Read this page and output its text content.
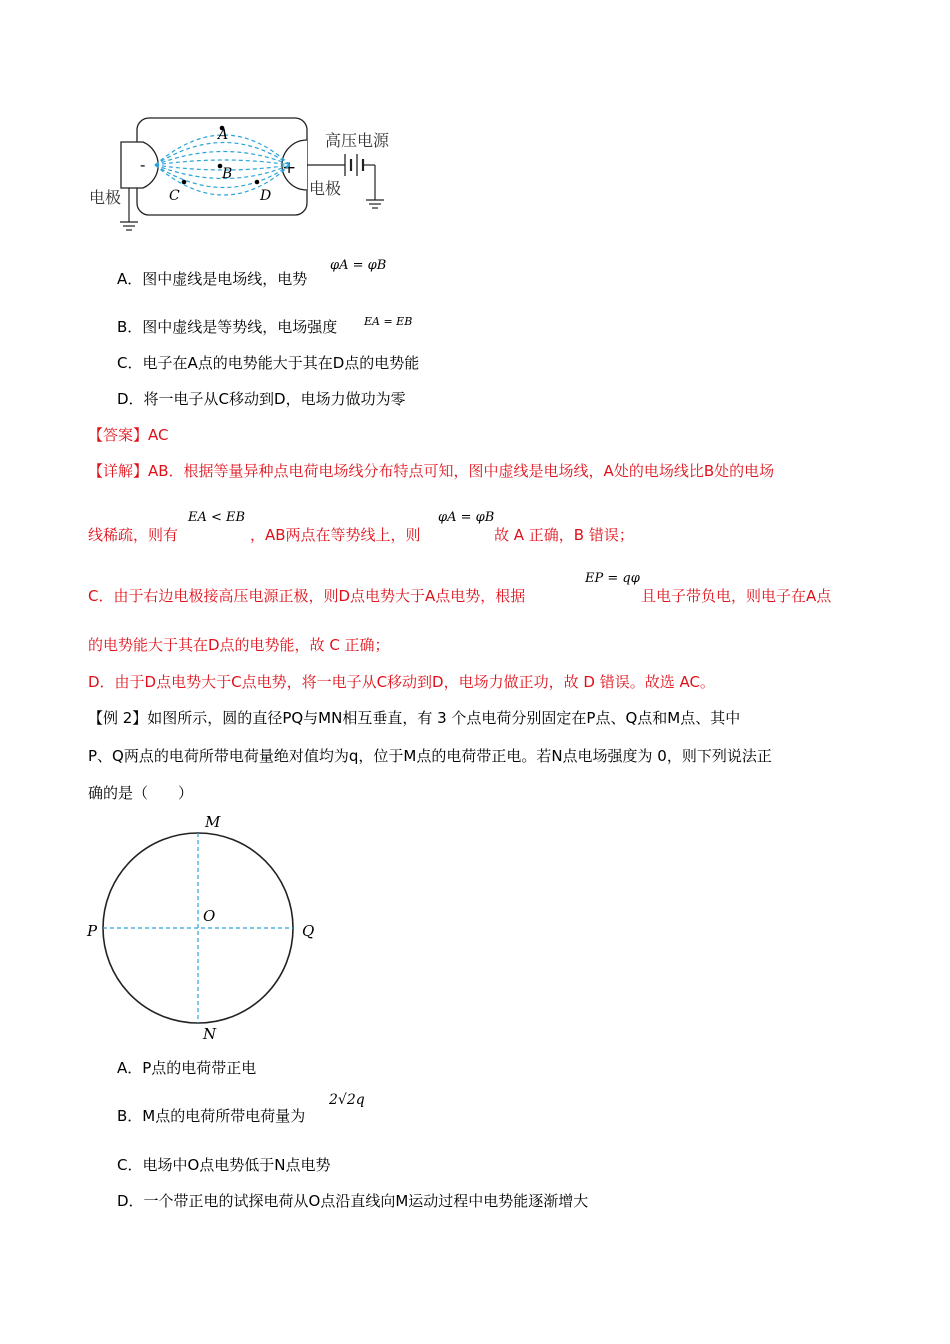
-	+
A
B
C	D
电极	电极
高压电源
A．图中虚线是电场线，电势
φA = φB
B．图中虚线是等势线，电场强度 EA = EB
C．电子在A点的电势能大于其在D点的电势能
D．将一电子从C移动到D，电场力做功为零
【答案】AC
【详解】AB．根据等量异种点电荷电场线分布特点可知，图中虚线是电场线，A处的电场线比B处的电场
线稀疏，则有
EA < EB
，AB两点在等势线上，则
φA = φB
故 A 正确，B 错误；
C．由于右边电极接高压电源正极，则D点电势大于A点电势，根据
EP = qφ
且电子带负电，则电子在A点
的电势能大于其在D点的电势能，故 C 正确；
D．由于D点电势大于C点电势，将一电子从C移动到D，电场力做正功，故 D 错误。故选 AC。
【例 2】如图所示，圆的直径PQ与MN相互垂直，有 3 个点电荷分别固定在P点、Q点和M点、其中
P、Q两点的电荷所带电荷量绝对值均为q，位于M点的电荷带正电。若N点电场强度为 0，则下列说法正
确的是（　　）
M
N
P	Q
O
A．P点的电荷带正电
B．M点的电荷所带电荷量为
2√2q
C．电场中O点电势低于N点电势
D．一个带正电的试探电荷从O点沿直线向M运动过程中电势能逐渐增大
